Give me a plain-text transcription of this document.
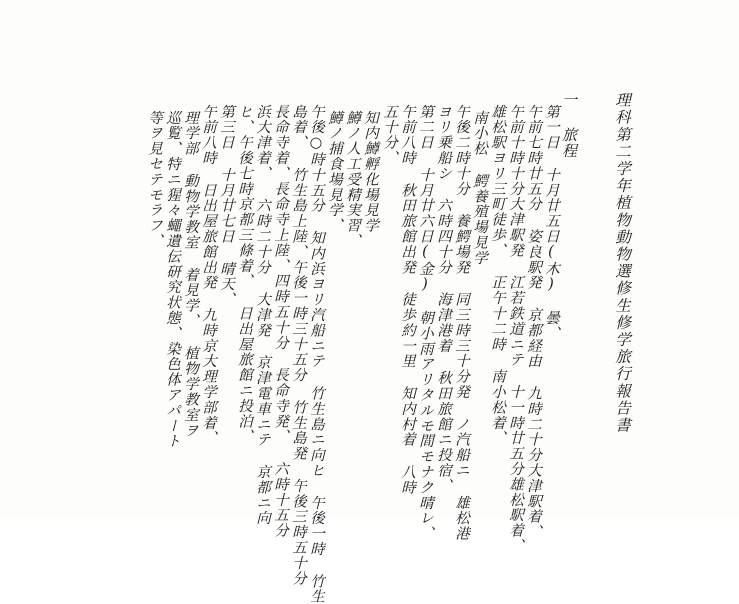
理科第二学年植物動物選修生修学旅行報告書
一 旅程
第一日 十月廿五日(木) 曇、
午前七時廿五分 姿良駅発 京都経由 九時二十分大津駅着、
午前十時十分大津駅発 江若鉄道ニテ 十一時廿五分雄松駅着、
雄松駅ヨリ三町徒歩、 正午十二時 南小松着、
南小松 鰐養殖場見学
午後二時十分 養鰐場発 同三時三十分発 ノ汽船ニ 雄松港
ヨリ乗船シ 六時四十分 海津港着 秋田旅館ニ投宿、
第二日 十月廿六日(金) 朝小雨アリタルモ間モナク晴レ、
午前八時 秋田旅館出発 徒歩約一里 知内村着 八時
五十分、
知内鱒孵化場見学
鱒ノ人工受精実習、
鱒ノ捕食場見学、
午後○時十五分 知内浜ヨリ汽船ニテ 竹生島ニ向ヒ 午後一時 竹生
島着、 竹生島上陸、午後一時三十五分 竹生島発 午後三時五十分
長命寺着、長命寺上陸、四時五十分 長命寺発、 六時十五分
浜大津着、 六時二十分 大津発 京津電車ニテ 京都ニ向
ヒ、午後七時京都三條着、 日出屋旅館ニ投泊、
第三日 十月廿七日 晴天、
午前八時 日出屋旅館出発 九時京大理学部着、
理学部 動物学教室 着見学、 植物学教室ヲ
巡覧、特ニ猩々蠅遺伝研究状態、染色体アパート
等ヲ見セテモラフ、
